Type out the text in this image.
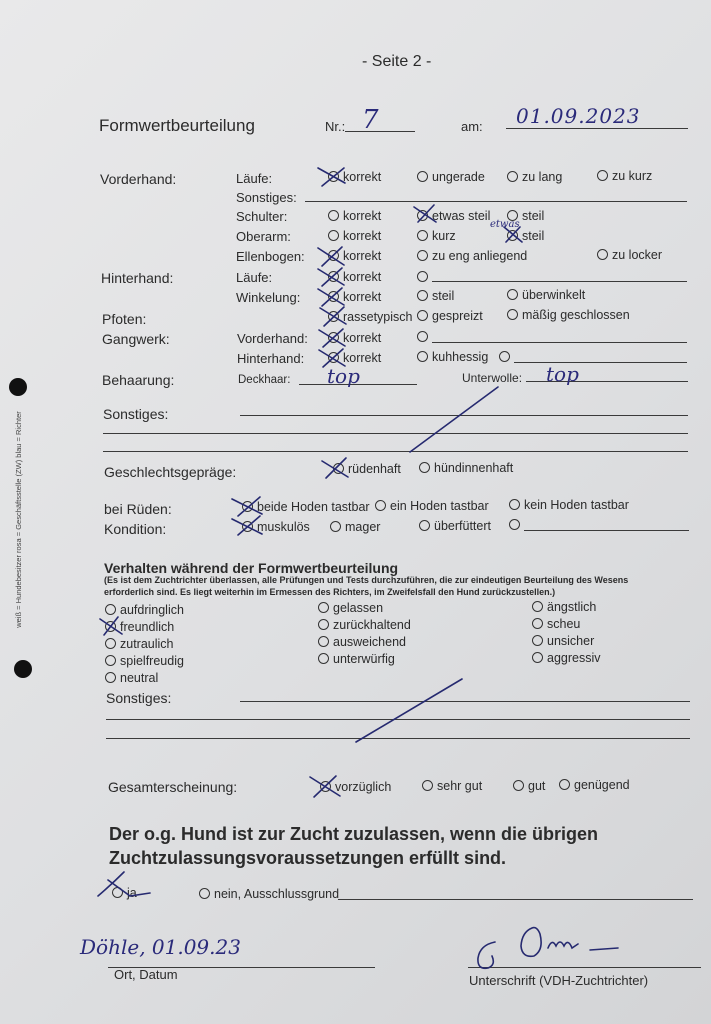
weiß = Hundebesitzer rosa = Geschäftsstelle (ZW) blau = Richter
- Seite 2 -
Formwertbeurteilung	Nr.: 7	am: 01.09.2023
Vorderhand:	Läufe:	korrekt	ungerade	zu lang	zu kurz
Sonstiges:
Schulter:	korrekt	etwas steil	steil
etwas
Oberarm:	korrekt	kurz	steil
Ellenbogen:	korrekt	zu eng anliegend	zu locker
Hinterhand:	Läufe:	korrekt
Winkelung:	korrekt	steil	überwinkelt
Pfoten:	rassetypisch	gespreizt	mäßig geschlossen
Gangwerk:	Vorderhand:	korrekt
Hinterhand:	korrekt	kuhhessig
Behaarung:	Deckhaar: top	Unterwolle: top
Sonstiges:
Geschlechtsgepräge:	rüdenhaft	hündinnenhaft
bei Rüden:	beide Hoden tastbar	ein Hoden tastbar	kein Hoden tastbar
Kondition:	muskulös	mager	überfüttert
Verhalten während der Formwertbeurteilung
(Es ist dem Zuchtrichter überlassen, alle Prüfungen und Tests durchzuführen, die zur eindeutigen Beurteilung des Wesens
erforderlich sind. Es liegt weiterhin im Ermessen des Richters, im Zweifelsfall den Hund zurückzustellen.)
aufdringlich
freundlich
zutraulich
spielfreudig
neutral
gelassen
zurückhaltend
ausweichend
unterwürfig
ängstlich
scheu
unsicher
aggressiv
Sonstiges:
Gesamterscheinung:	vorzüglich	sehr gut	gut	genügend
Der o.g. Hund ist zur Zucht zuzulassen, wenn die übrigen
Zuchtzulassungsvoraussetzungen erfüllt sind.
ja	nein, Ausschlussgrund
Döhle, 01.09.23
Ort, Datum	Unterschrift (VDH-Zuchtrichter)
